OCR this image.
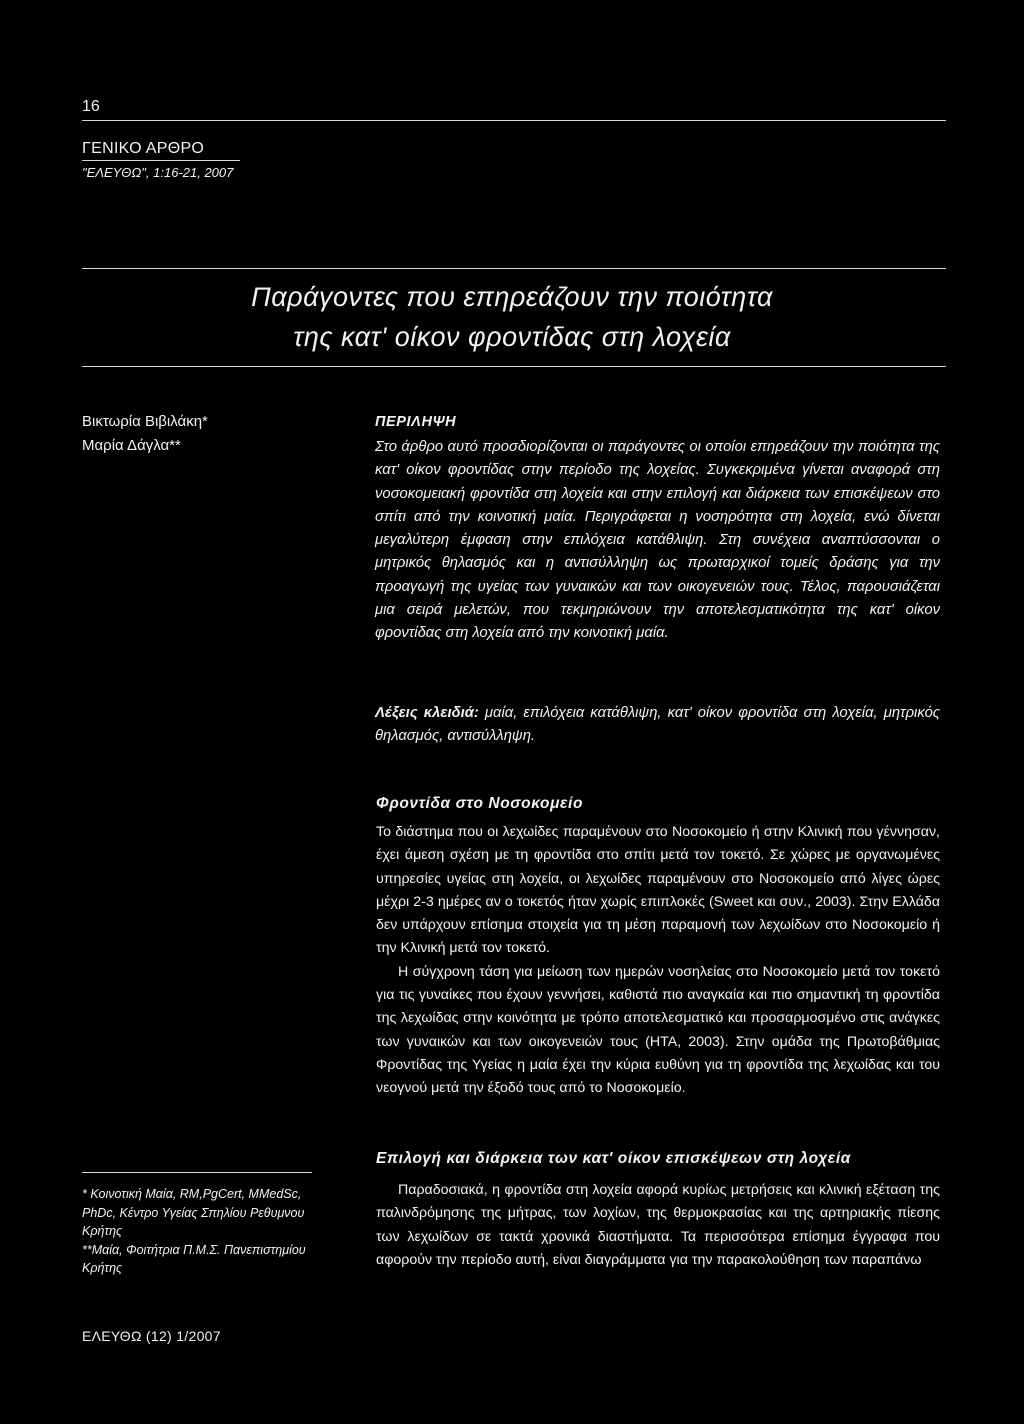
16
ΓΕΝΙΚΟ ΑΡΘΡΟ
"ΕΛΕΥΘΩ", 1:16-21, 2007
Παράγοντες που επηρεάζουν την ποιότητα
της κατ' οίκον φροντίδας στη λοχεία
Βικτωρία Βιβιλάκη*
Μαρία Δάγλα**
ΠΕΡΙΛΗΨΗ
Στο άρθρο αυτό προσδιορίζονται οι παράγοντες οι οποίοι επηρεάζουν την ποιότητα της κατ' οίκον φροντίδας στην περίοδο της λοχείας. Συγκεκριμένα γίνεται αναφορά στη νοσοκομειακή φροντίδα στη λοχεία και στην επιλογή και διάρκεια των επισκέψεων στο σπίτι από την κοινοτική μαία. Περιγράφεται η νοσηρότητα στη λοχεία, ενώ δίνεται μεγαλύτερη έμφαση στην επιλόχεια κατάθλιψη. Στη συνέχεια αναπτύσσονται ο μητρικός θηλασμός και η αντισύλληψη ως πρωταρχικοί τομείς δράσης για την προαγωγή της υγείας των γυναικών και των οικογενειών τους. Τέλος, παρουσιάζεται μια σειρά μελετών, που τεκμηριώνουν την αποτελεσματικότητα της κατ' οίκον φροντίδας στη λοχεία από την κοινοτική μαία.
Λέξεις κλειδιά: μαία, επιλόχεια κατάθλιψη, κατ' οίκον φροντίδα στη λοχεία, μητρικός θηλασμός, αντισύλληψη.
Φροντίδα στο Νοσοκομείο

Το διάστημα που οι λεχωίδες παραμένουν στο Νοσοκομείο ή στην Κλινική που γέννησαν, έχει άμεση σχέση με τη φροντίδα στο σπίτι μετά τον τοκετό. Σε χώρες με οργανωμένες υπηρεσίες υγείας στη λοχεία, οι λεχωίδες παραμένουν στο Νοσοκομείο από λίγες ώρες μέχρι 2-3 ημέρες αν ο τοκετός ήταν χωρίς επιπλοκές (Sweet και συν., 2003). Στην Ελλάδα δεν υπάρχουν επίσημα στοιχεία για τη μέση παραμονή των λεχωίδων στο Νοσοκομείο ή την Κλινική μετά τον τοκετό.

Η σύγχρονη τάση για μείωση των ημερών νοσηλείας στο Νοσοκομείο μετά τον τοκετό για τις γυναίκες που έχουν γεννήσει, καθιστά πιο αναγκαία και πιο σημαντική τη φροντίδα της λεχωίδας στην κοινότητα με τρόπο αποτελεσματικό και προσαρμοσμένο στις ανάγκες των γυναικών και των οικογενειών τους (HTA, 2003). Στην ομάδα της Πρωτοβάθμιας Φροντίδας της Υγείας η μαία έχει την κύρια ευθύνη για τη φροντίδα της λεχωίδας και του νεογνού μετά την έξοδό τους από το Νοσοκομείο.

Επιλογή και διάρκεια των κατ' οίκον επισκέψεων στη λοχεία

Παραδοσιακά, η φροντίδα στη λοχεία αφορά κυρίως μετρήσεις και κλινική εξέταση της παλινδρόμησης της μήτρας, των λοχίων, της θερμοκρασίας και της αρτηριακής πίεσης των λεχωίδων σε τακτά χρονικά διαστήματα. Τα περισσότερα επίσημα έγγραφα που αφορούν την περίοδο αυτή, είναι διαγράμματα για την παρακολούθηση των παραπάνω

* Κοινοτική Μαία, RM,PgCert, MMedSc, PhDc, Κέντρο Υγείας Σπηλίου Ρεθυμνου Κρήτης
**Μαία, Φοιτήτρια Π.Μ.Σ. Πανεπιστημίου Κρήτης
ΕΛΕΥΘΩ (12) 1/2007
